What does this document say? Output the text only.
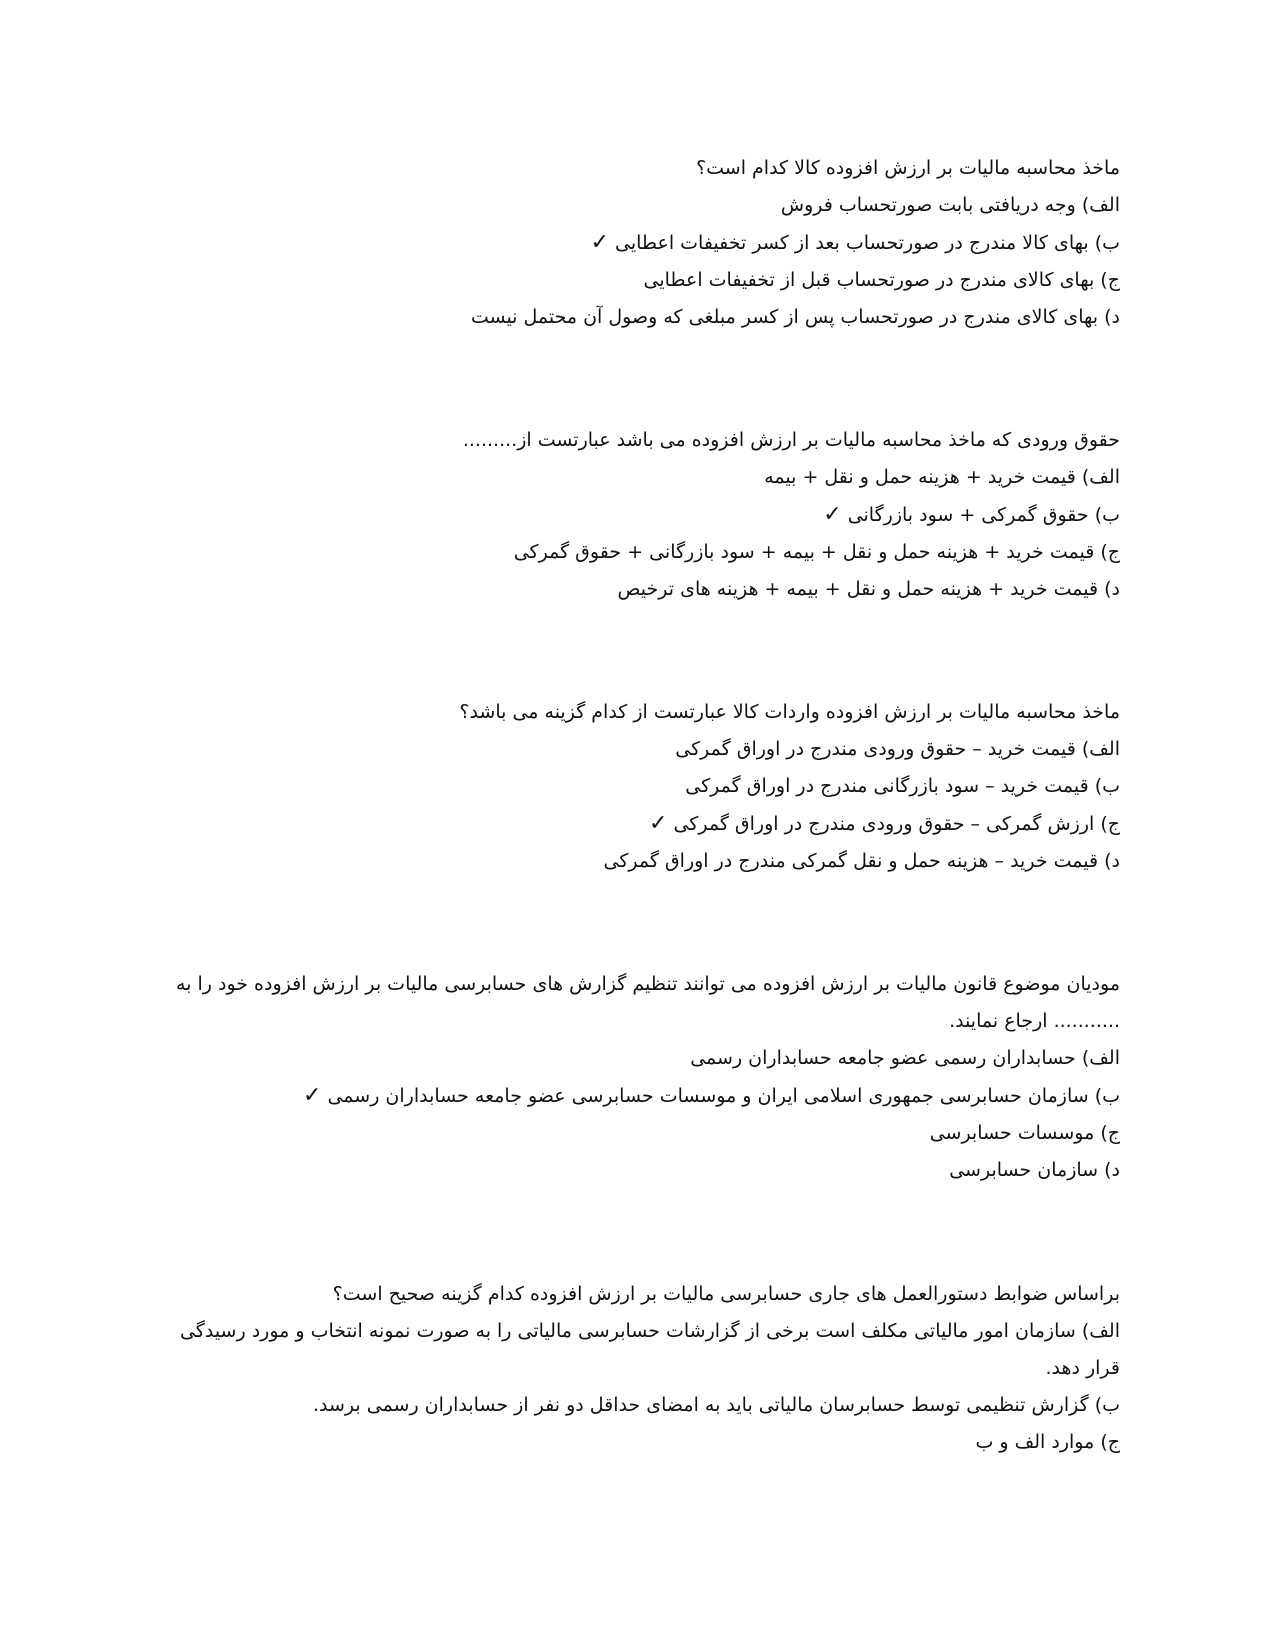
ماخذ محاسبه مالیات بر ارزش افزوده کالا کدام است؟

الف) وجه دریافتی بابت صورتحساب فروش

ب) بهای کالا مندرج در صورتحساب بعد از کسر تخفیفات اعطایی✓

ج) بهای کالای مندرج در صورتحساب قبل از تخفیفات اعطایی

د) بهای کالای مندرج در صورتحساب پس از کسر مبلغی که وصول آن محتمل نیست

حقوق ورودی که ماخذ محاسبه مالیات بر ارزش افزوده می باشد عبارتست از.........

الف) قیمت خرید + هزینه حمل و نقل + بیمه

ب) حقوق گمرکی + سود بازرگانی✓

ج) قیمت خرید + هزینه حمل و نقل + بیمه + سود بازرگانی + حقوق گمرکی

د) قیمت خرید + هزینه حمل و نقل + بیمه + هزینه های ترخیص

ماخذ محاسبه مالیات بر ارزش افزوده واردات کالا عبارتست از کدام گزینه می باشد؟

الف) قیمت خرید – حقوق ورودی مندرج در اوراق گمرکی

ب) قیمت خرید – سود بازرگانی مندرج در اوراق گمرکی

ج) ارزش گمرکی – حقوق ورودی مندرج در اوراق گمرکی✓

د) قیمت خرید – هزینه حمل و نقل گمرکی مندرج در اوراق گمرکی

مودیان موضوع قانون مالیات بر ارزش افزوده می توانند تنظیم گزارش های حسابرسی مالیات بر ارزش افزوده خود را به ........... ارجاع نمایند.

الف) حسابداران رسمی عضو جامعه حسابداران رسمی

ب) سازمان حسابرسی جمهوری اسلامی ایران و موسسات حسابرسی عضو جامعه حسابداران رسمی✓

ج) موسسات حسابرسی

د) سازمان حسابرسی

براساس ضوابط دستورالعمل های جاری حسابرسی مالیات بر ارزش افزوده کدام گزینه صحیح است؟

الف) سازمان امور مالیاتی مکلف است برخی از گزارشات حسابرسی مالیاتی را به صورت نمونه انتخاب و مورد رسیدگی قرار دهد.

ب) گزارش تنظیمی توسط حسابرسان مالیاتی باید به امضای حداقل دو نفر از حسابداران رسمی برسد.

ج) موارد الف و ب
